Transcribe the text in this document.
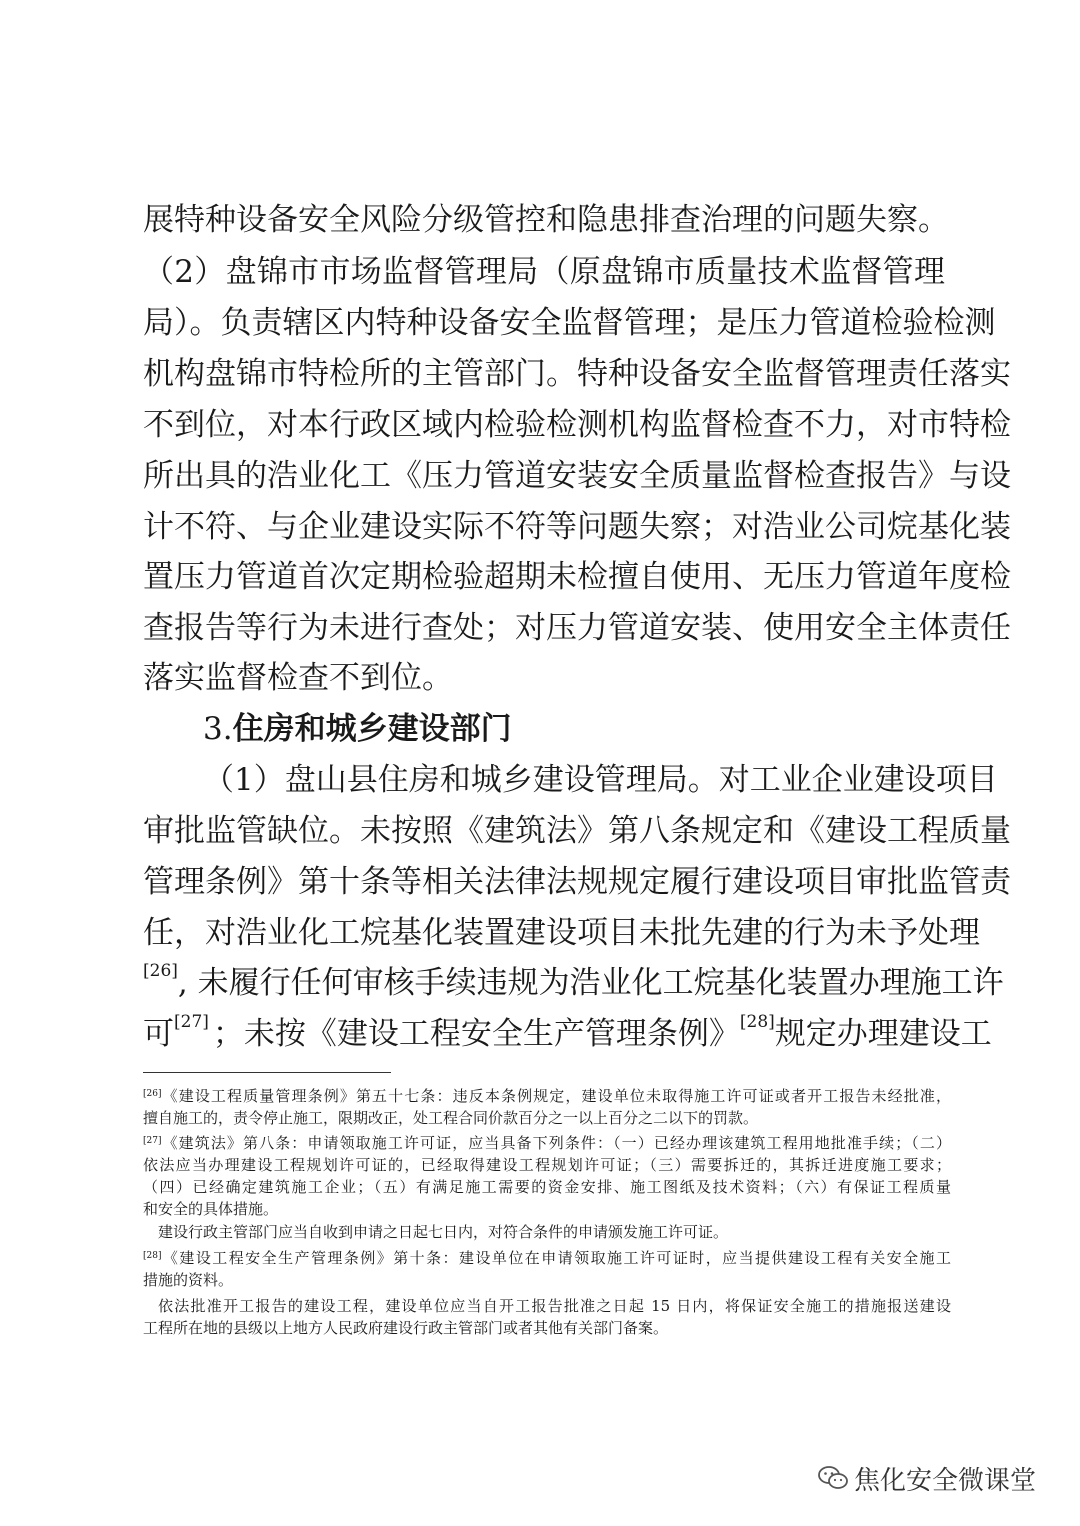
展特种设备安全风险分级管控和隐患排查治理的问题失察。
（2）盘锦市市场监督管理局（原盘锦市质量技术监督管理
局）。负责辖区内特种设备安全监督管理；是压力管道检验检测
机构盘锦市特检所的主管部门。特种设备安全监督管理责任落实
不到位，对本行政区域内检验检测机构监督检查不力，对市特检
所出具的浩业化工《压力管道安装安全质量监督检查报告》与设
计不符、与企业建设实际不符等问题失察；对浩业公司烷基化装
置压力管道首次定期检验超期未检擅自使用、无压力管道年度检
查报告等行为未进行查处；对压力管道安装、使用安全主体责任
落实监督检查不到位。
3.住房和城乡建设部门
（1）盘山县住房和城乡建设管理局。对工业企业建设项目
审批监管缺位。未按照《建筑法》第八条规定和《建设工程质量
管理条例》第十条等相关法律法规规定履行建设项目审批监管责
任，对浩业化工烷基化装置建设项目未批先建的行为未予处理
[26] , 未履行任何审核手续违规为浩业化工烷基化装置办理施工许
可 [27] ；未按《建设工程安全生产管理条例》 [28] 规定办理建设工
[26]《建设工程质量管理条例》第五十七条：违反本条例规定，建设单位未取得施工许可证或者开工报告未经批准，
擅自施工的，责令停止施工，限期改正，处工程合同价款百分之一以上百分之二以下的罚款。
[27]《建筑法》第八条：申请领取施工许可证，应当具备下列条件：（一）已经办理该建筑工程用地批准手续；（二）
依法应当办理建设工程规划许可证的，已经取得建设工程规划许可证；（三）需要拆迁的，其拆迁进度施工要求；
（四）已经确定建筑施工企业；（五）有满足施工需要的资金安排、施工图纸及技术资料；（六）有保证工程质量
和安全的具体措施。
建设行政主管部门应当自收到申请之日起七日内，对符合条件的申请颁发施工许可证。
[28]《建设工程安全生产管理条例》第十条：建设单位在申请领取施工许可证时，应当提供建设工程有关安全施工
措施的资料。
依法批准开工报告的建设工程，建设单位应当自开工报告批准之日起 15 日内，将保证安全施工的措施报送建设
工程所在地的县级以上地方人民政府建设行政主管部门或者其他有关部门备案。
焦化安全微课堂
